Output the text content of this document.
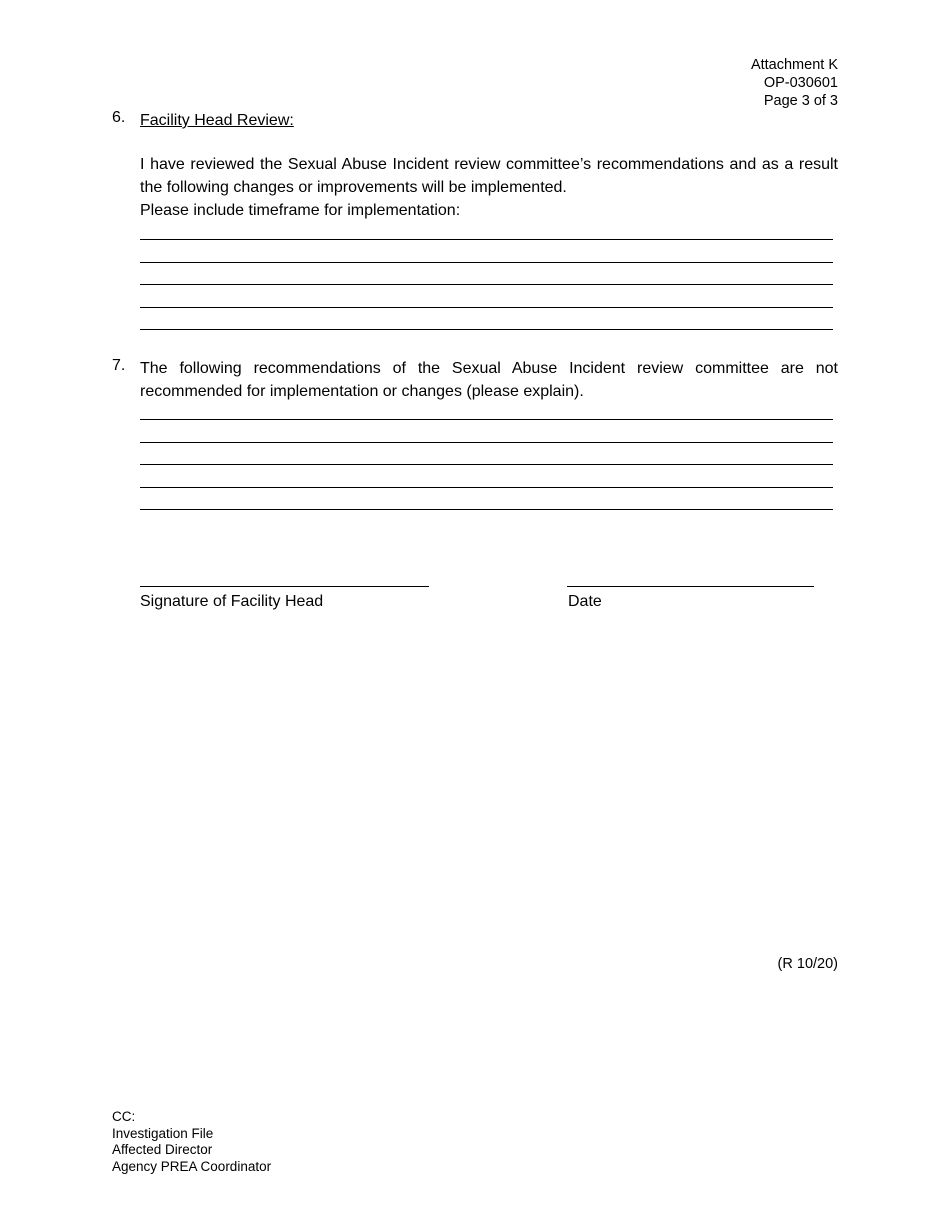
Attachment K
OP-030601
Page 3 of 3
6. Facility Head Review:
I have reviewed the Sexual Abuse Incident review committee’s recommendations and as a result the following changes or improvements will be implemented.
Please include timeframe for implementation:
7. The following recommendations of the Sexual Abuse Incident review committee are not recommended for implementation or changes (please explain).
Signature of Facility Head	Date
(R 10/20)
CC:
Investigation File
Affected Director
Agency PREA Coordinator
